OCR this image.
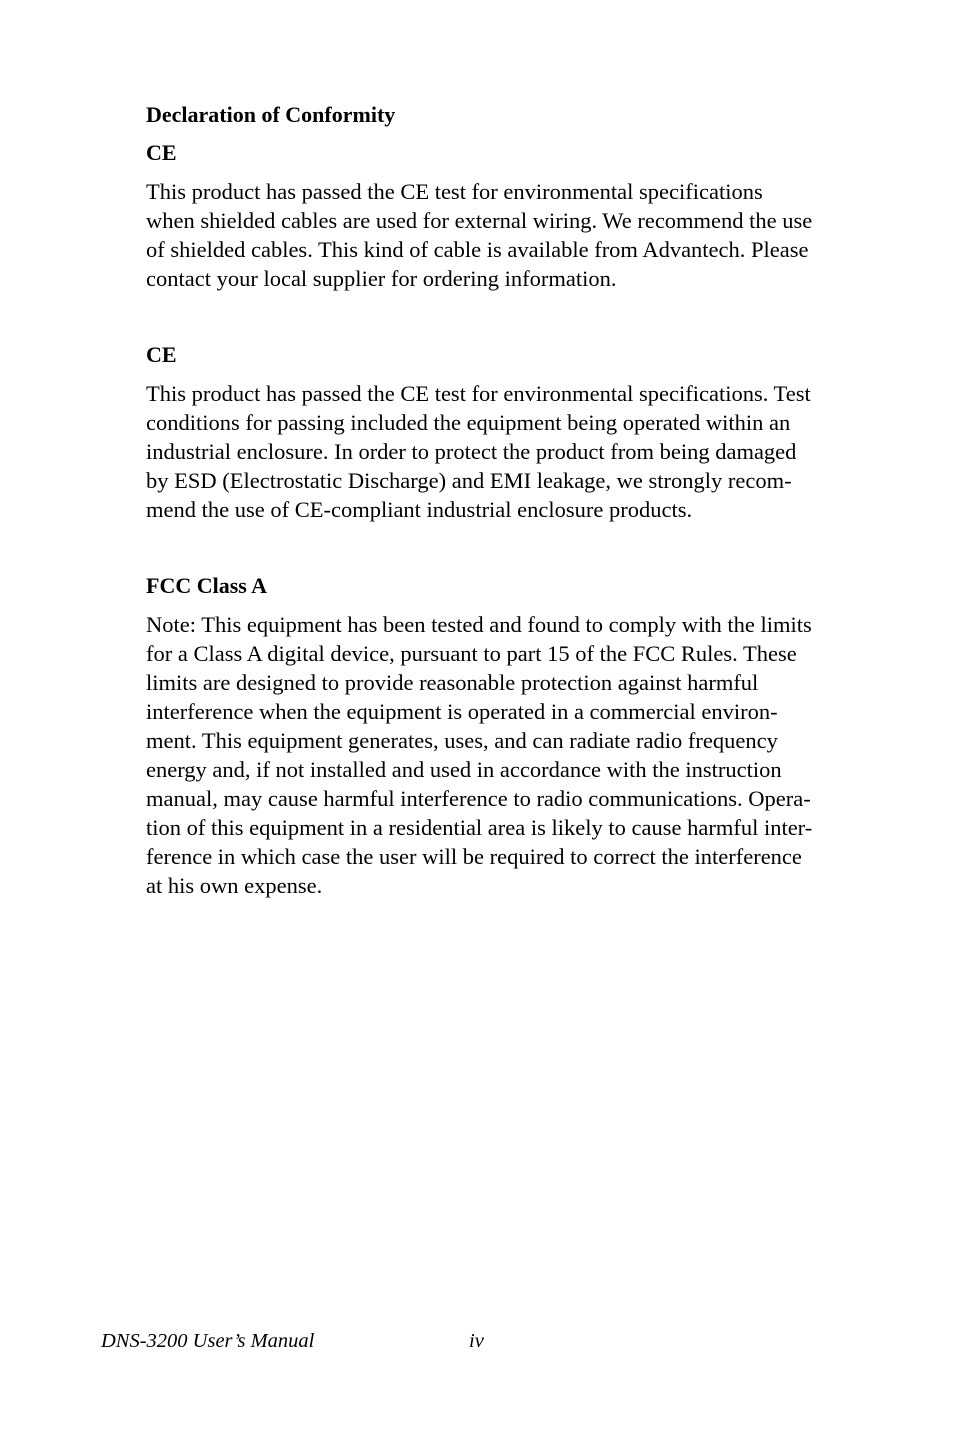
Declaration of Conformity
CE

This product has passed the CE test for environmental specifications
when shielded cables are used for external wiring. We recommend the use
of shielded cables. This kind of cable is available from Advantech. Please
contact your local supplier for ordering information.

CE

This product has passed the CE test for environmental specifications. Test
conditions for passing included the equipment being operated within an
industrial enclosure. In order to protect the product from being damaged
by ESD (Electrostatic Discharge) and EMI leakage, we strongly recom-
mend the use of CE-compliant industrial enclosure products.

FCC Class A

Note: This equipment has been tested and found to comply with the limits
for a Class A digital device, pursuant to part 15 of the FCC Rules. These
limits are designed to provide reasonable protection against harmful
interference when the equipment is operated in a commercial environ-
ment. This equipment generates, uses, and can radiate radio frequency
energy and, if not installed and used in accordance with the instruction
manual, may cause harmful interference to radio communications. Opera-
tion of this equipment in a residential area is likely to cause harmful inter-
ference in which case the user will be required to correct the interference
at his own expense.

DNS-3200 User’s Manual	iv
